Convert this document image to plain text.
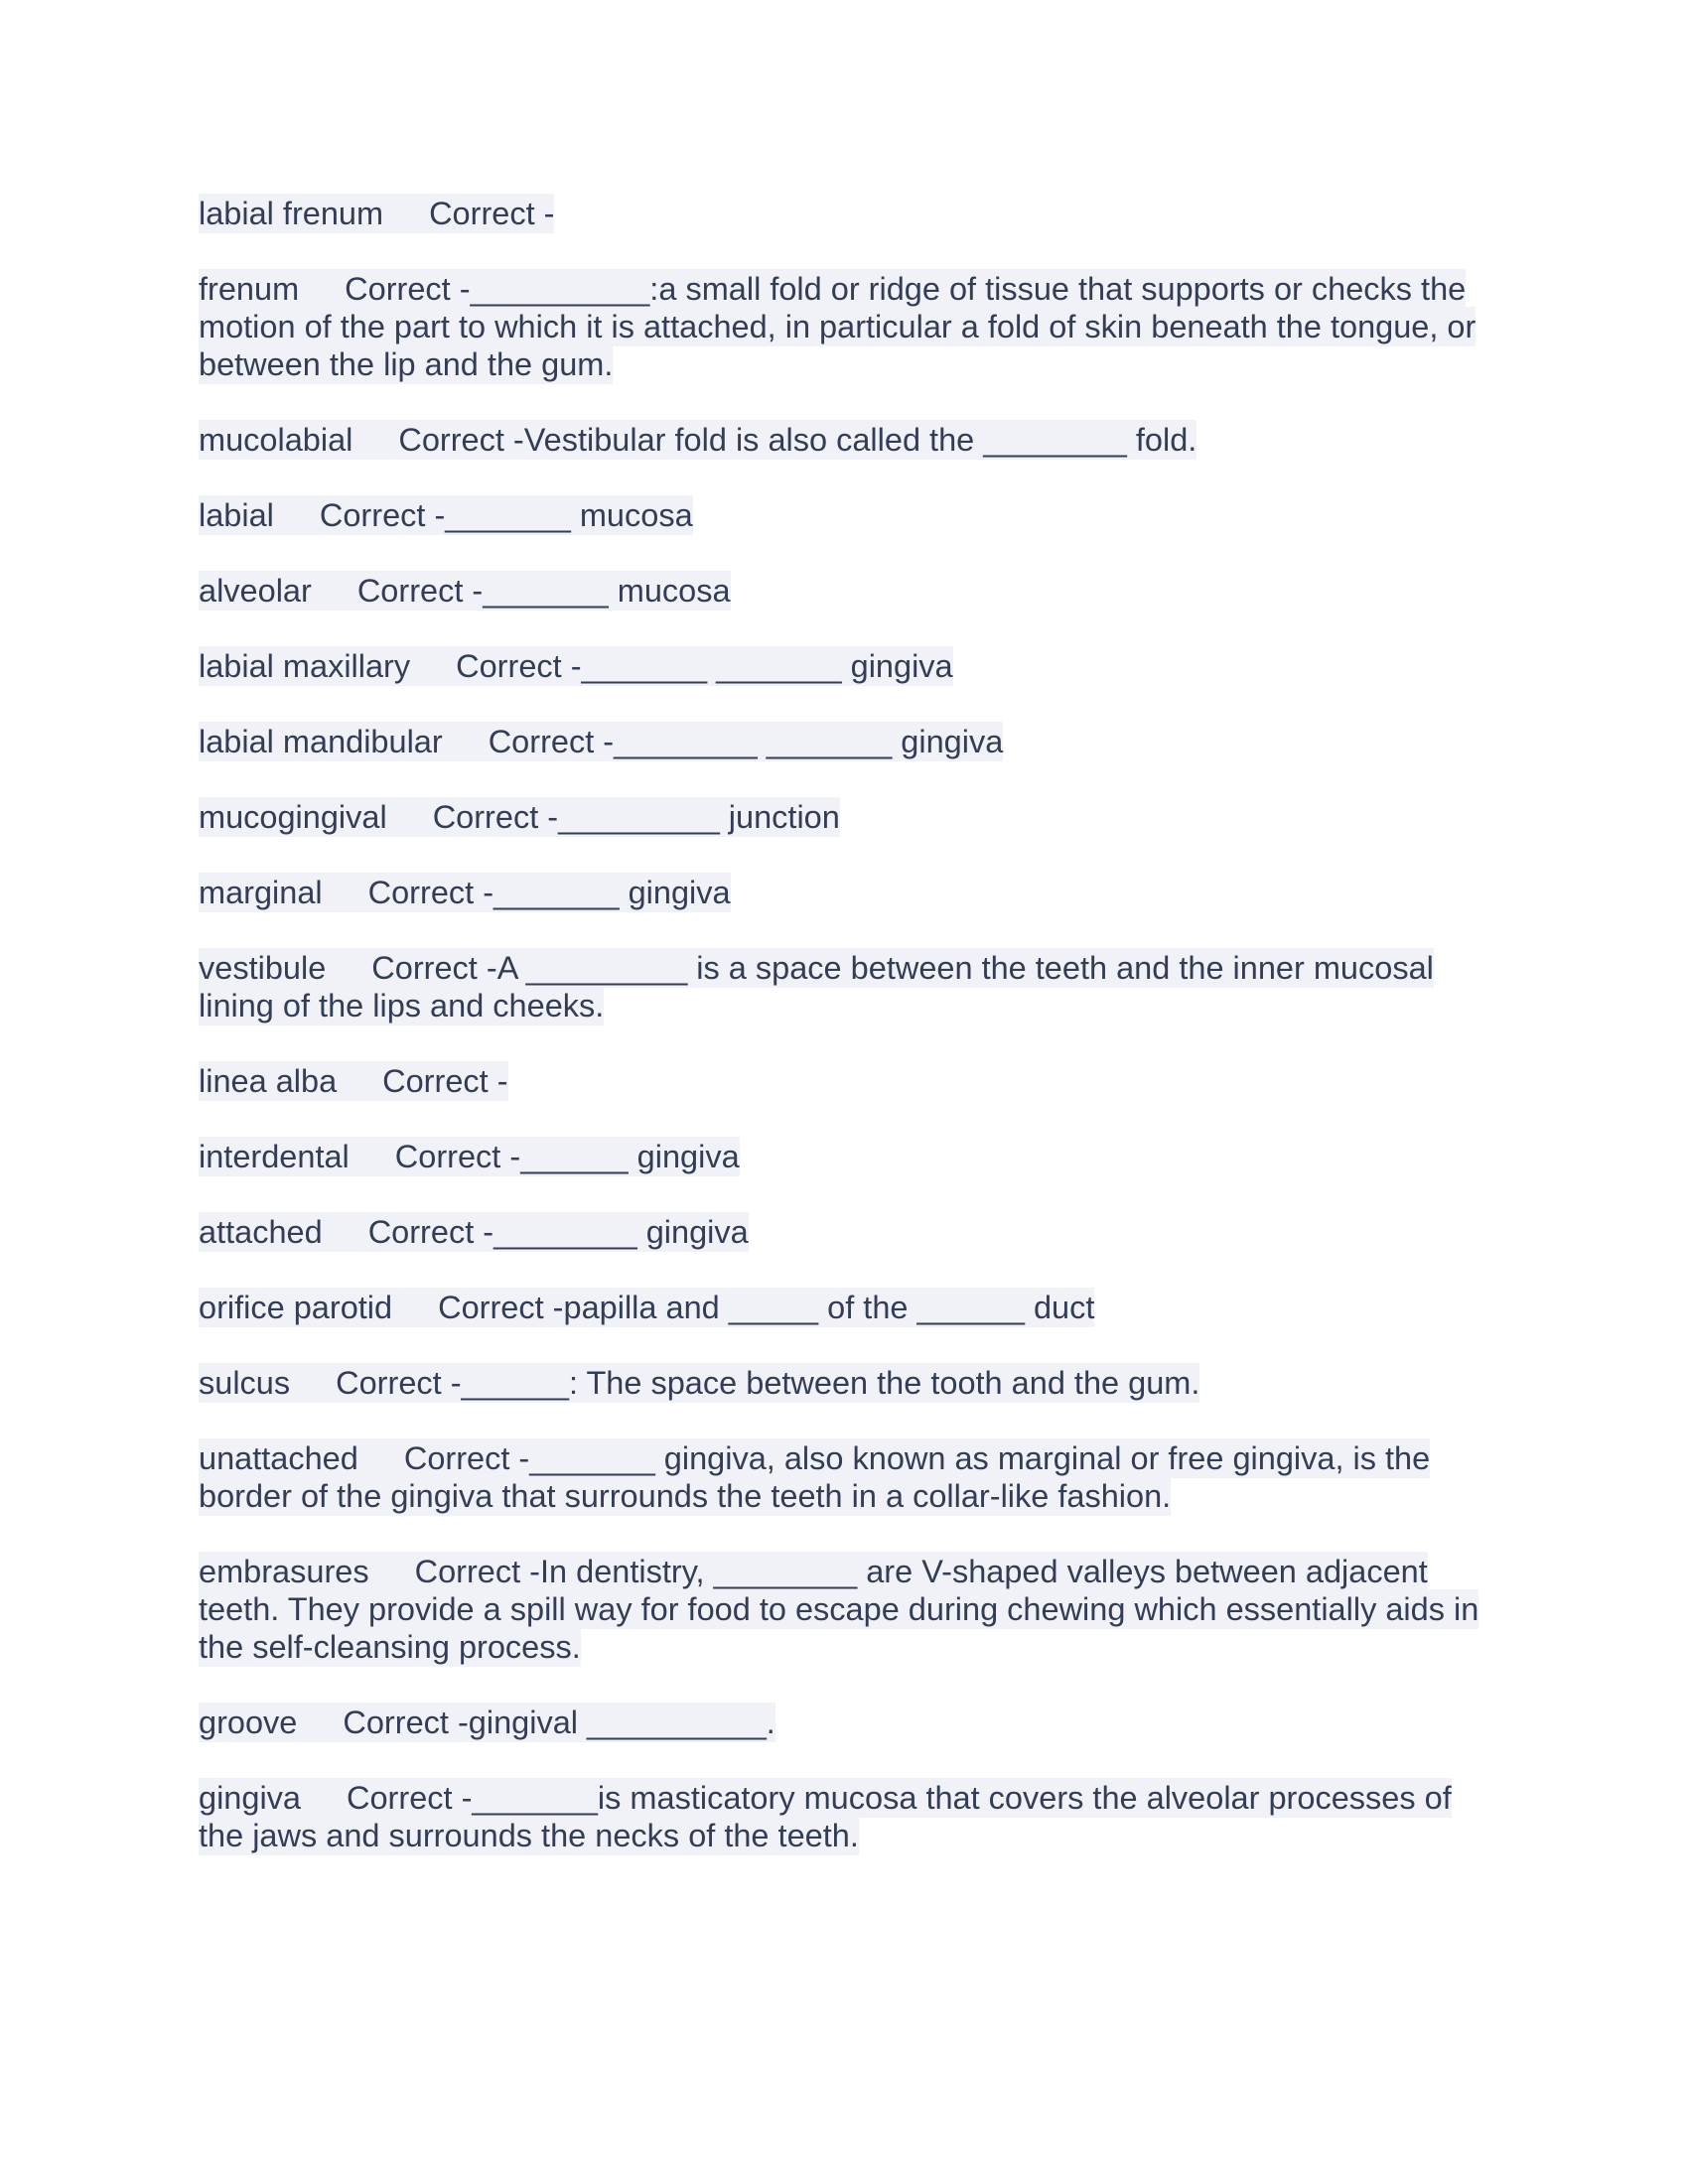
labial frenum Correct -
frenum Correct -__________:a small fold or ridge of tissue that supports or checks the motion of the part to which it is attached, in particular a fold of skin beneath the tongue, or between the lip and the gum.
mucolabial Correct -Vestibular fold is also called the ________ fold.
labial Correct -_______ mucosa
alveolar Correct -_______ mucosa
labial maxillary Correct -_______ _______ gingiva
labial mandibular Correct -________ _______ gingiva
mucogingival Correct -_________ junction
marginal Correct -_______ gingiva
vestibule Correct -A _________ is a space between the teeth and the inner mucosal lining of the lips and cheeks.
linea alba Correct -
interdental Correct -______ gingiva
attached Correct -________ gingiva
orifice parotid Correct -papilla and _____ of the ______ duct
sulcus Correct -______: The space between the tooth and the gum.
unattached Correct -_______ gingiva, also known as marginal or free gingiva, is the border of the gingiva that surrounds the teeth in a collar-like fashion.
embrasures Correct -In dentistry, ________ are V-shaped valleys between adjacent teeth. They provide a spill way for food to escape during chewing which essentially aids in the self-cleansing process.
groove Correct -gingival __________.
gingiva Correct -_______is masticatory mucosa that covers the alveolar processes of the jaws and surrounds the necks of the teeth.
